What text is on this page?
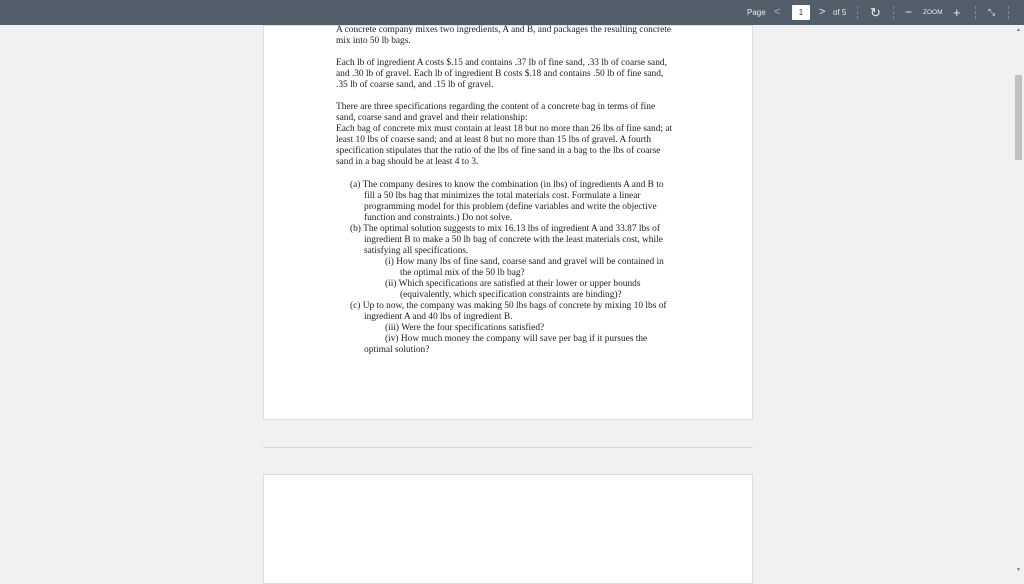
Page <	1	> of 5 ↻ − ZOOM +	⤡
A concrete company mixes two ingredients, A and B, and packages the resulting concrete
mix into 50 lb bags.
Each lb of ingredient A costs $.15 and contains .37 lb of fine sand, .33 lb of coarse sand,
and .30 lb of gravel. Each lb of ingredient B costs $.18 and contains .50 lb of fine sand,
.35 lb of coarse sand, and .15 lb of gravel.
There are three specifications regarding the content of a concrete bag in terms of fine
sand, coarse sand and gravel and their relationship:
Each bag of concrete mix must contain at least 18 but no more than 26 lbs of fine sand; at
least 10 lbs of coarse sand; and at least 8 but no more than 15 lbs of gravel. A fourth
specification stipulates that the ratio of the lbs of fine sand in a bag to the lbs of coarse
sand in a bag should be at least 4 to 3.
(a) The company desires to know the combination (in lbs) of ingredients A and B to
fill a 50 lbs bag that minimizes the total materials cost. Formulate a linear
programming model for this problem (define variables and write the objective
function and constraints.) Do not solve.
(b) The optimal solution suggests to mix 16.13 lbs of ingredient A and 33.87 lbs of
ingredient B to make a 50 lb bag of concrete with the least materials cost, while
satisfying all specifications.
(i) How many lbs of fine sand, coarse sand and gravel will be contained in
the optimal mix of the 50 lb bag?
(ii) Which specifications are satisfied at their lower or upper bounds
(equivalently, which specification constraints are binding)?
(c) Up to now, the company was making 50 lbs bags of concrete by mixing 10 lbs of
ingredient A and 40 lbs of ingredient B.
(iii) Were the four specifications satisfied?
(iv) How much money the company will save per bag if it pursues the
optimal solution?
▲
▼
